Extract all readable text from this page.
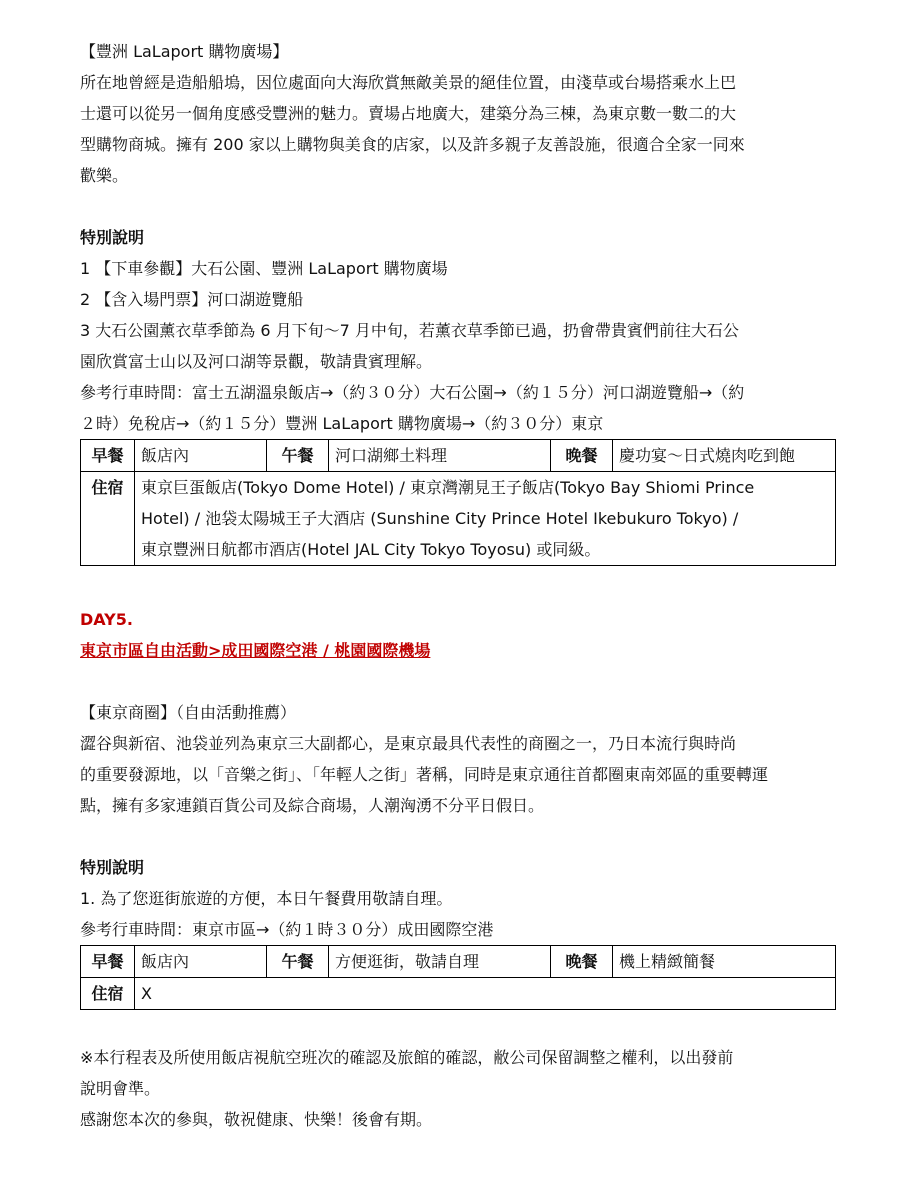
【豐洲 LaLaport 購物廣場】
所在地曾經是造船船塢，因位處面向大海欣賞無敵美景的絕佳位置，由淺草或台場搭乘水上巴
士還可以從另一個角度感受豐洲的魅力。賣場占地廣大，建築分為三棟，為東京數一數二的大
型購物商城。擁有 200 家以上購物與美食的店家，以及許多親子友善設施，很適合全家一同來
歡樂。
特別說明
1 【下車參觀】大石公園、豐洲 LaLaport 購物廣場
2 【含入場門票】河口湖遊覽船
3 大石公園薰衣草季節為 6 月下旬～7 月中旬，若薰衣草季節已過，扔會帶貴賓們前往大石公
園欣賞富士山以及河口湖等景觀，敬請貴賓理解。
參考行車時間：富士五湖溫泉飯店→（約３０分）大石公園→（約１５分）河口湖遊覽船→（約
２時）免稅店→（約１５分）豐洲 LaLaport 購物廣場→（約３０分）東京
早餐	飯店內	午餐	河口湖鄉土料理	晚餐	慶功宴～日式燒肉吃到飽
住宿	東京巨蛋飯店(Tokyo Dome Hotel) / 東京灣潮見王子飯店(Tokyo Bay Shiomi Prince
Hotel) / 池袋太陽城王子大酒店 (Sunshine City Prince Hotel Ikebukuro Tokyo) /
東京豐洲日航都市酒店(Hotel JAL City Tokyo Toyosu) 或同級。				
DAY5.
東京市區自由活動>成田國際空港 / 桃園國際機場
【東京商圈】（自由活動推薦）
澀谷與新宿、池袋並列為東京三大副都心，是東京最具代表性的商圈之一，乃日本流行與時尚
的重要發源地，以「音樂之街」、「年輕人之街」著稱，同時是東京通往首都圈東南郊區的重要轉運
點，擁有多家連鎖百貨公司及綜合商場，人潮洶湧不分平日假日。
特別說明
1. 為了您逛街旅遊的方便，本日午餐費用敬請自理。
參考行車時間：東京市區→（約１時３０分）成田國際空港
早餐	飯店內	午餐	方便逛街，敬請自理	晚餐	機上精緻簡餐
住宿	X				
※本行程表及所使用飯店視航空班次的確認及旅館的確認，敝公司保留調整之權利，以出發前
說明會準。
感謝您本次的參與，敬祝健康、快樂！後會有期。
